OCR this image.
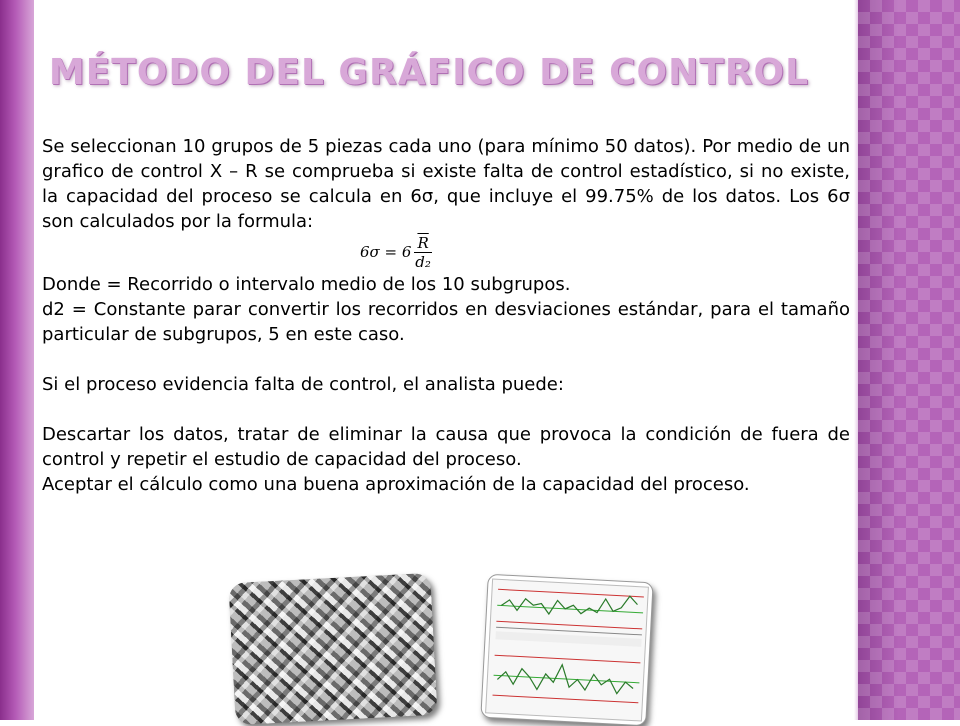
MÉTODO DEL GRÁFICO DE CONTROL

Se seleccionan 10 grupos de 5 piezas cada uno (para mínimo 50 datos). Por medio de un grafico de control X – R se comprueba si existe falta de control estadístico, si no existe, la capacidad del proceso se calcula en 6σ, que incluye el 99.75% de los datos. Los 6σ son calculados por la formula:

$6\sigma = 6 \frac{\overline{R}}{\text{d₂}}$

Donde = Recorrido o intervalo medio de los 10 subgrupos.

d2 = Constante parar convertir los recorridos en desviaciones estándar, para el tamaño particular de subgrupos, 5 en este caso.

Si el proceso evidencia falta de control, el analista puede:

Descartar los datos, tratar de eliminar la causa que provoca la condición de fuera de control y repetir el estudio de capacidad del proceso.

Aceptar el cálculo como una buena aproximación de la capacidad del proceso.
